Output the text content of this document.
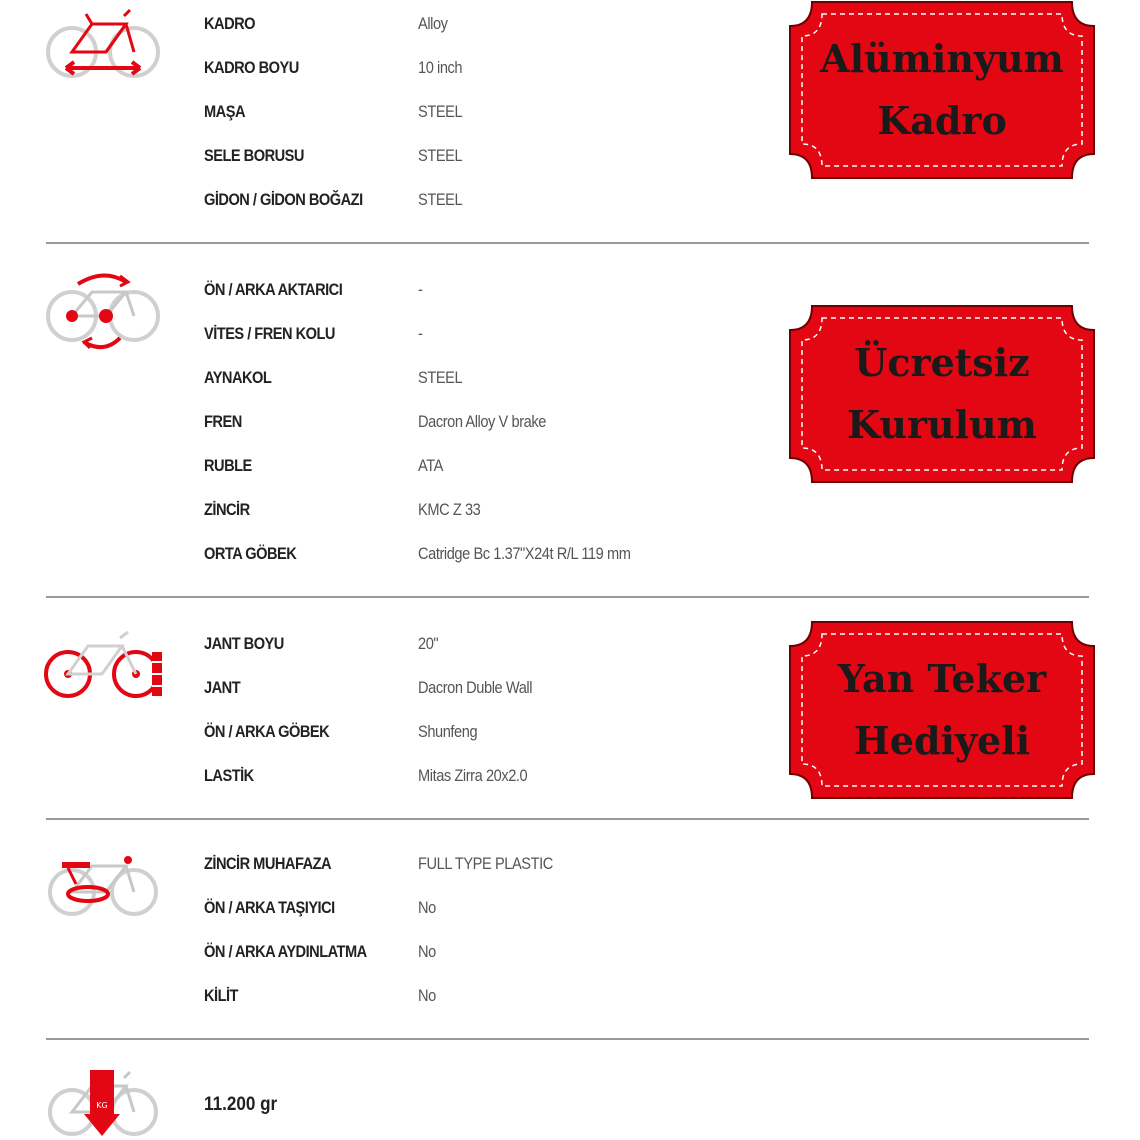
KADRO	Alloy
KADRO BOYU	10 inch
MAŞA	STEEL
SELE BORUSU	STEEL
GİDON / GİDON BOĞAZI	STEEL
ÖN / ARKA AKTARICI	-
VİTES / FREN KOLU	-
AYNAKOL	STEEL
FREN	Dacron Alloy V brake
RUBLE	ATA
ZİNCİR	KMC Z 33
ORTA GÖBEK	Catridge Bc 1.37"X24t R/L 119 mm
JANT BOYU	20"
JANT	Dacron Duble Wall
ÖN / ARKA GÖBEK	Shunfeng
LASTİK	Mitas Zirra 20x2.0
ZİNCİR MUHAFAZA	FULL TYPE PLASTIC
ÖN / ARKA TAŞIYICI	No
ÖN / ARKA AYDINLATMA	No
KİLİT	No
KG	11.200 gr
Alüminyum
Kadro
Ücretsiz
Kurulum
Yan Teker
Hediyeli
